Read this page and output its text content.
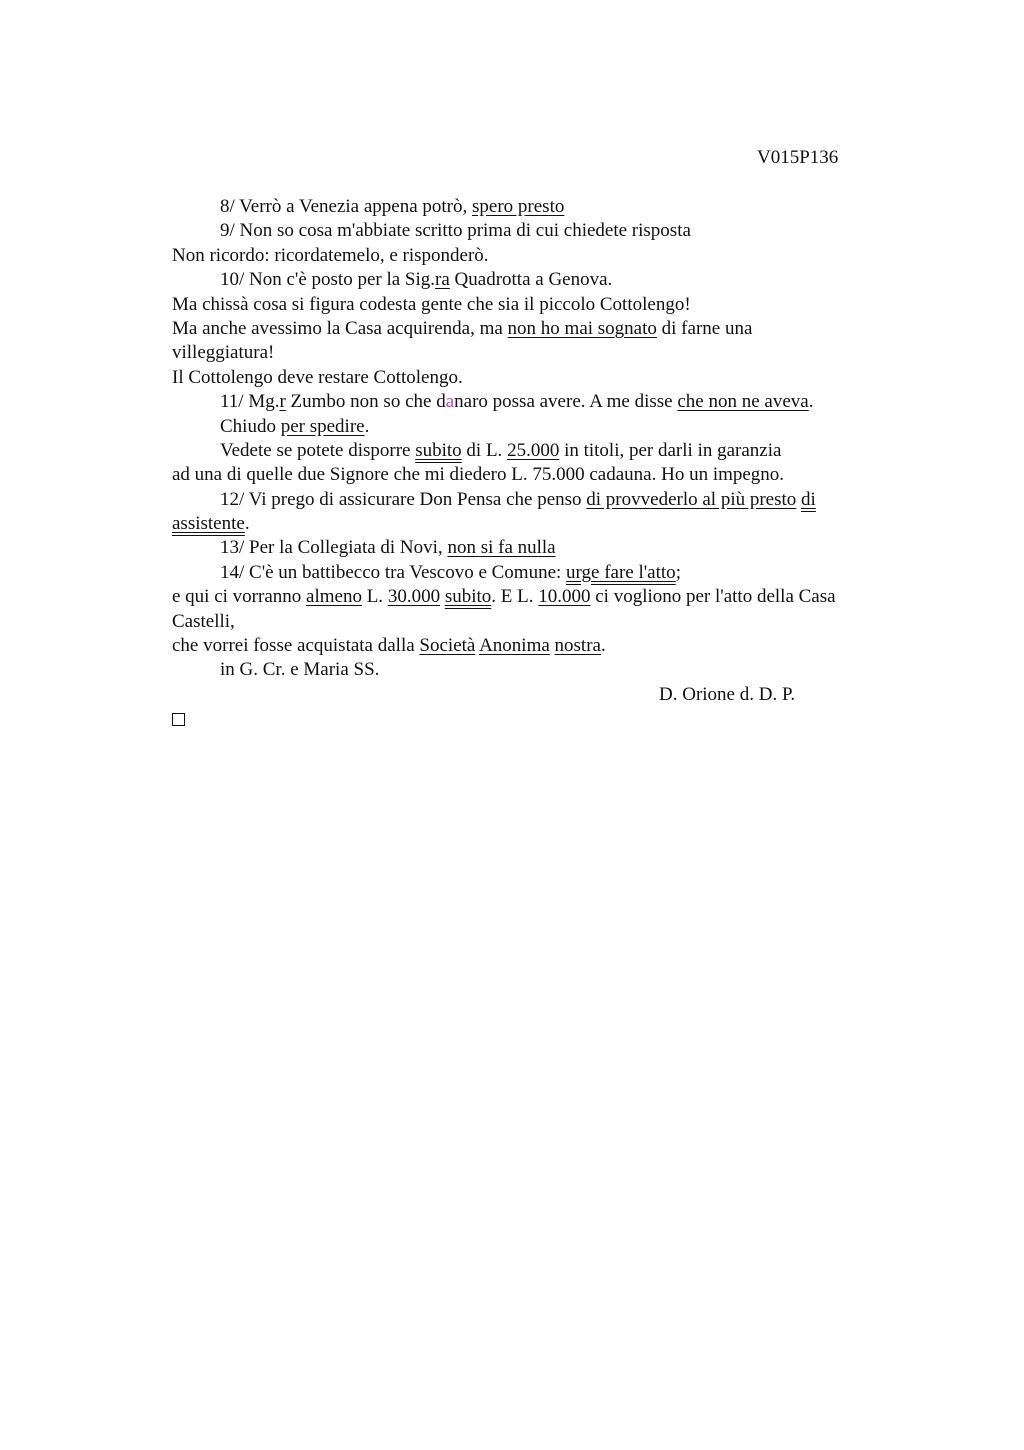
V015P136
8/ Verrò a Venezia appena potrò, spero presto
9/ Non so cosa m'abbiate scritto prima di cui chiedete risposta
Non ricordo: ricordatemelo, e risponderò.
10/ Non c'è posto per la Sig.ra Quadrotta a Genova.
Ma chissà cosa si figura codesta gente che sia il piccolo Cottolengo!
Ma anche avessimo la Casa acquirenda, ma non ho mai sognato di farne una
villeggiatura!
Il Cottolengo deve restare Cottolengo.
11/ Mg.r Zumbo non so che danaro possa avere. A me disse che non ne aveva.
Chiudo per spedire.
Vedete se potete disporre subito di L. 25.000 in titoli, per darli in garanzia
ad una di quelle due Signore che mi diedero L. 75.000 cadauna. Ho un impegno.
12/ Vi prego di assicurare Don Pensa che penso di provvederlo al più presto di
assistente.
13/ Per la Collegiata di Novi, non si fa nulla
14/ C'è un battibecco tra Vescovo e Comune: urge fare l'atto;
e qui ci vorranno almeno L. 30.000 subito. E L. 10.000 ci vogliono per l'atto della Casa
Castelli,
che vorrei fosse acquistata dalla Società Anonima nostra.
in G. Cr. e Maria SS.
D. Orione d. D. P.
